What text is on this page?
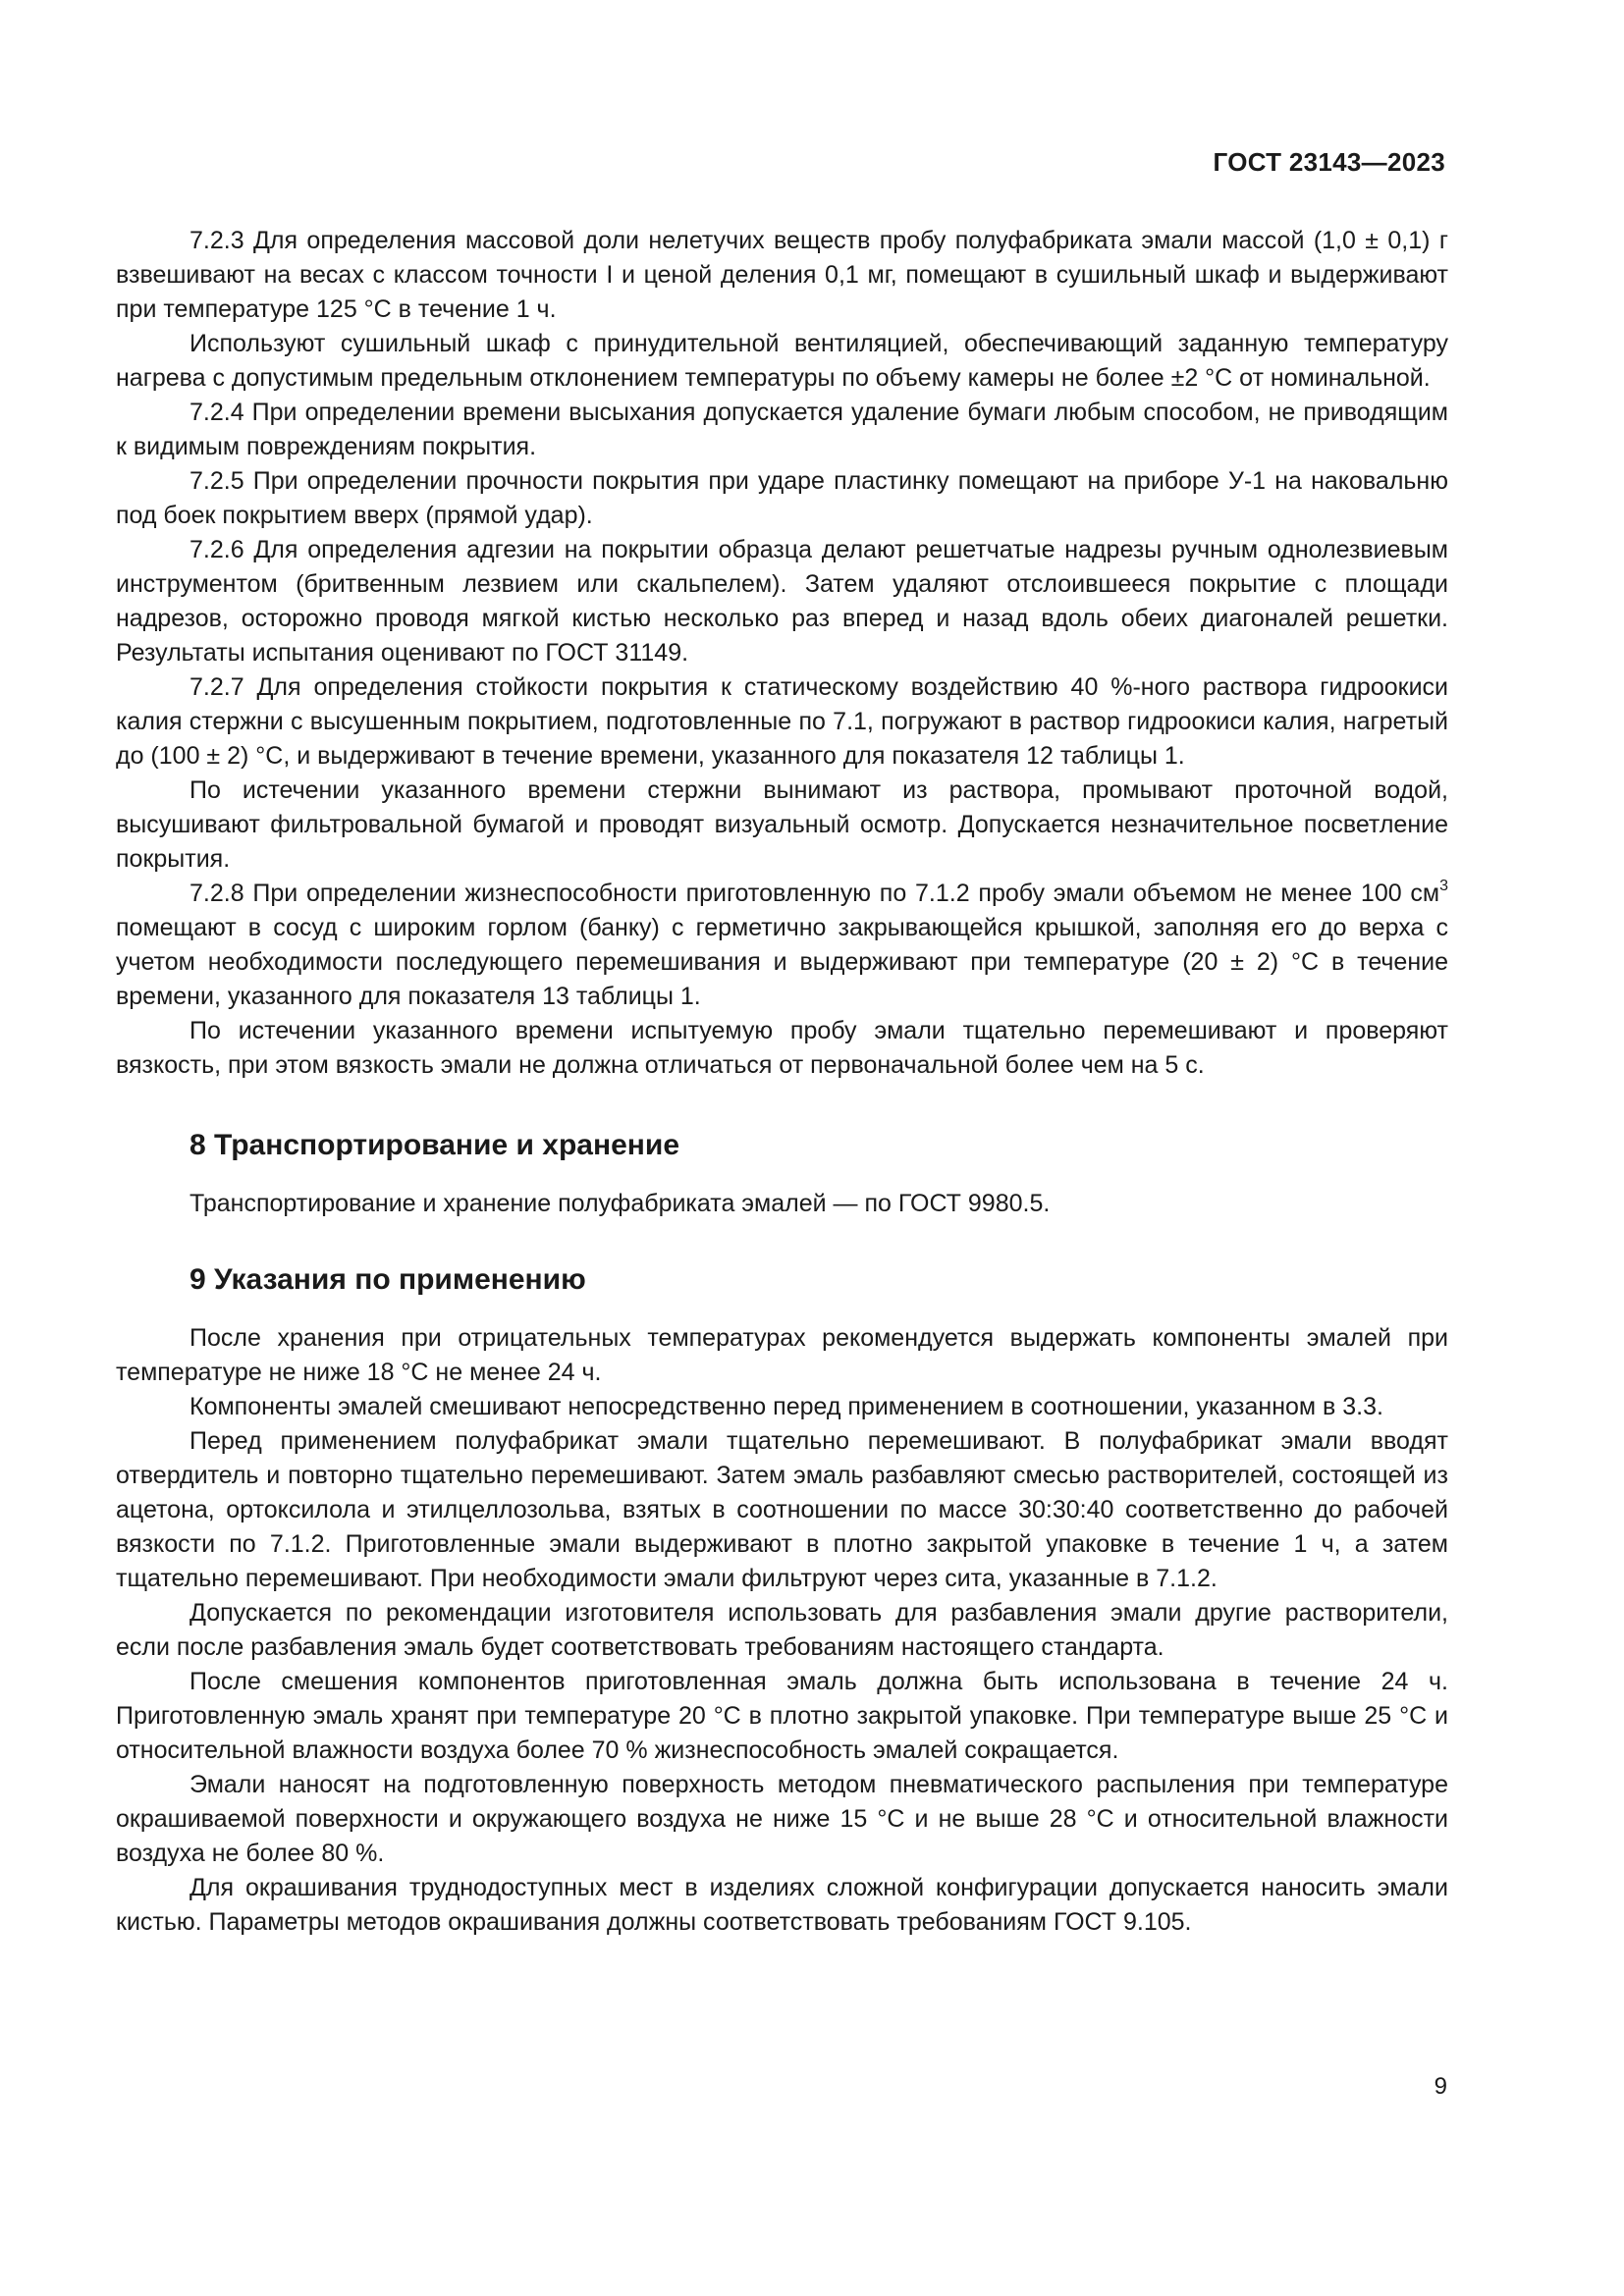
ГОСТ 23143—2023

7.2.3 Для определения массовой доли нелетучих веществ пробу полуфабриката эмали массой (1,0 ± 0,1) г взвешивают на весах с классом точности I и ценой деления 0,1 мг, помещают в сушильный шкаф и выдерживают при температуре 125 °С в течение 1 ч.

Используют сушильный шкаф с принудительной вентиляцией, обеспечивающий заданную температуру нагрева с допустимым предельным отклонением температуры по объему камеры не более ±2 °С от номинальной.

7.2.4 При определении времени высыхания допускается удаление бумаги любым способом, не приводящим к видимым повреждениям покрытия.

7.2.5 При определении прочности покрытия при ударе пластинку помещают на приборе У-1 на наковальню под боек покрытием вверх (прямой удар).

7.2.6 Для определения адгезии на покрытии образца делают решетчатые надрезы ручным однолезвиевым инструментом (бритвенным лезвием или скальпелем). Затем удаляют отслоившееся покрытие с площади надрезов, осторожно проводя мягкой кистью несколько раз вперед и назад вдоль обеих диагоналей решетки. Результаты испытания оценивают по ГОСТ 31149.

7.2.7 Для определения стойкости покрытия к статическому воздействию 40 %-ного раствора гидроокиси калия стержни с высушенным покрытием, подготовленные по 7.1, погружают в раствор гидроокиси калия, нагретый до (100 ± 2) °С, и выдерживают в течение времени, указанного для показателя 12 таблицы 1.

По истечении указанного времени стержни вынимают из раствора, промывают проточной водой, высушивают фильтровальной бумагой и проводят визуальный осмотр. Допускается незначительное посветление покрытия.

7.2.8 При определении жизнеспособности приготовленную по 7.1.2 пробу эмали объемом не менее 100 $см^3$ помещают в сосуд с широким горлом (банку) с герметично закрывающейся крышкой, заполняя его до верха с учетом необходимости последующего перемешивания и выдерживают при температуре (20 ± 2) °С в течение времени, указанного для показателя 13 таблицы 1.

По истечении указанного времени испытуемую пробу эмали тщательно перемешивают и проверяют вязкость, при этом вязкость эмали не должна отличаться от первоначальной более чем на 5 с.

8 Транспортирование и хранение

Транспортирование и хранение полуфабриката эмалей — по ГОСТ 9980.5.

9 Указания по применению

После хранения при отрицательных температурах рекомендуется выдержать компоненты эмалей при температуре не ниже 18 °С не менее 24 ч.

Компоненты эмалей смешивают непосредственно перед применением в соотношении, указанном в 3.3.

Перед применением полуфабрикат эмали тщательно перемешивают. В полуфабрикат эмали вводят отвердитель и повторно тщательно перемешивают. Затем эмаль разбавляют смесью растворителей, состоящей из ацетона, ортоксилола и этилцеллозольва, взятых в соотношении по массе 30:30:40 соответственно до рабочей вязкости по 7.1.2. Приготовленные эмали выдерживают в плотно закрытой упаковке в течение 1 ч, а затем тщательно перемешивают. При необходимости эмали фильтруют через сита, указанные в 7.1.2.

Допускается по рекомендации изготовителя использовать для разбавления эмали другие растворители, если после разбавления эмаль будет соответствовать требованиям настоящего стандарта.

После смешения компонентов приготовленная эмаль должна быть использована в течение 24 ч. Приготовленную эмаль хранят при температуре 20 °С в плотно закрытой упаковке. При температуре выше 25 °С и относительной влажности воздуха более 70 % жизнеспособность эмалей сокращается.

Эмали наносят на подготовленную поверхность методом пневматического распыления при температуре окрашиваемой поверхности и окружающего воздуха не ниже 15 °С и не выше 28 °С и относительной влажности воздуха не более 80 %.

Для окрашивания труднодоступных мест в изделиях сложной конфигурации допускается наносить эмали кистью. Параметры методов окрашивания должны соответствовать требованиям ГОСТ 9.105.

9
